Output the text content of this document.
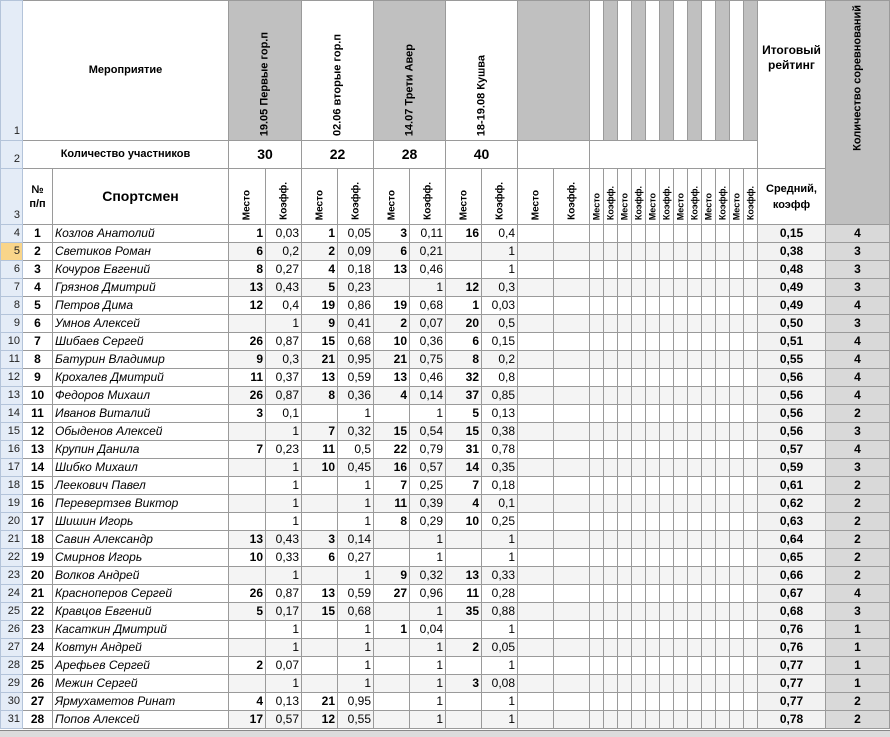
1	Мероприятие		19.05 Первые гор.п		02.06 вторые гор.п		14.07 Трети Авер		18-19.08 Кушва																Итоговый рейтинг	Количество соревнований

2	Количество участников		30		22		28		40																	
3	№ п/п	Спортсмен	Место	Коэфф.	Место	Коэфф.	Место	Коэфф.	Место	Коэфф.	Место	Коэфф.	Место	Коэфф.	Место	Коэфф.	Место	Коэфф.	Место	Коэфф.	Место	Коэфф.	Место	Коэфф.	Средний, коэфф	
4	1	Козлов Анатолий	1	0,03	1	0,05	3	0,11	16	0,4															0,15	4
5	2	Светиков Роман	6	0,2	2	0,09	6	0,21		1															0,38	3
6	3	Кочуров Евгений	8	0,27	4	0,18	13	0,46		1															0,48	3
7	4	Грязнов Дмитрий	13	0,43	5	0,23		1	12	0,3															0,49	3
8	5	Петров Дима	12	0,4	19	0,86	19	0,68	1	0,03															0,49	4
9	6	Умнов Алексей		1	9	0,41	2	0,07	20	0,5															0,50	3
10	7	Шибаев Сергей	26	0,87	15	0,68	10	0,36	6	0,15															0,51	4
11	8	Батурин Владимир	9	0,3	21	0,95	21	0,75	8	0,2															0,55	4
12	9	Крохалев Дмитрий	11	0,37	13	0,59	13	0,46	32	0,8															0,56	4
13	10	Федоров Михаил	26	0,87	8	0,36	4	0,14	37	0,85															0,56	4
14	11	Иванов Виталий	3	0,1		1		1	5	0,13															0,56	2
15	12	Обыденов Алексей		1	7	0,32	15	0,54	15	0,38															0,56	3
16	13	Крупин Данила	7	0,23	11	0,5	22	0,79	31	0,78															0,57	4
17	14	Шибко Михаил		1	10	0,45	16	0,57	14	0,35															0,59	3
18	15	Леекович Павел		1		1	7	0,25	7	0,18															0,61	2
19	16	Перевертзев Виктор		1		1	11	0,39	4	0,1															0,62	2
20	17	Шишин Игорь		1		1	8	0,29	10	0,25															0,63	2
21	18	Савин Александр	13	0,43	3	0,14		1		1															0,64	2
22	19	Смирнов Игорь	10	0,33	6	0,27		1		1															0,65	2
23	20	Волков Андрей		1		1	9	0,32	13	0,33															0,66	2
24	21	Красноперов Сергей	26	0,87	13	0,59	27	0,96	11	0,28															0,67	4
25	22	Кравцов Евгений	5	0,17	15	0,68		1	35	0,88															0,68	3
26	23	Касаткин Дмитрий		1		1	1	0,04		1															0,76	1
27	24	Ковтун Андрей		1		1		1	2	0,05															0,76	1
28	25	Арефьев Сергей	2	0,07		1		1		1															0,77	1
29	26	Межин Сергей		1		1		1	3	0,08															0,77	1
30	27	Ярмухаметов Ринат	4	0,13	21	0,95		1		1															0,77	2
31	28	Попов Алексей	17	0,57	12	0,55		1		1															0,78	2
